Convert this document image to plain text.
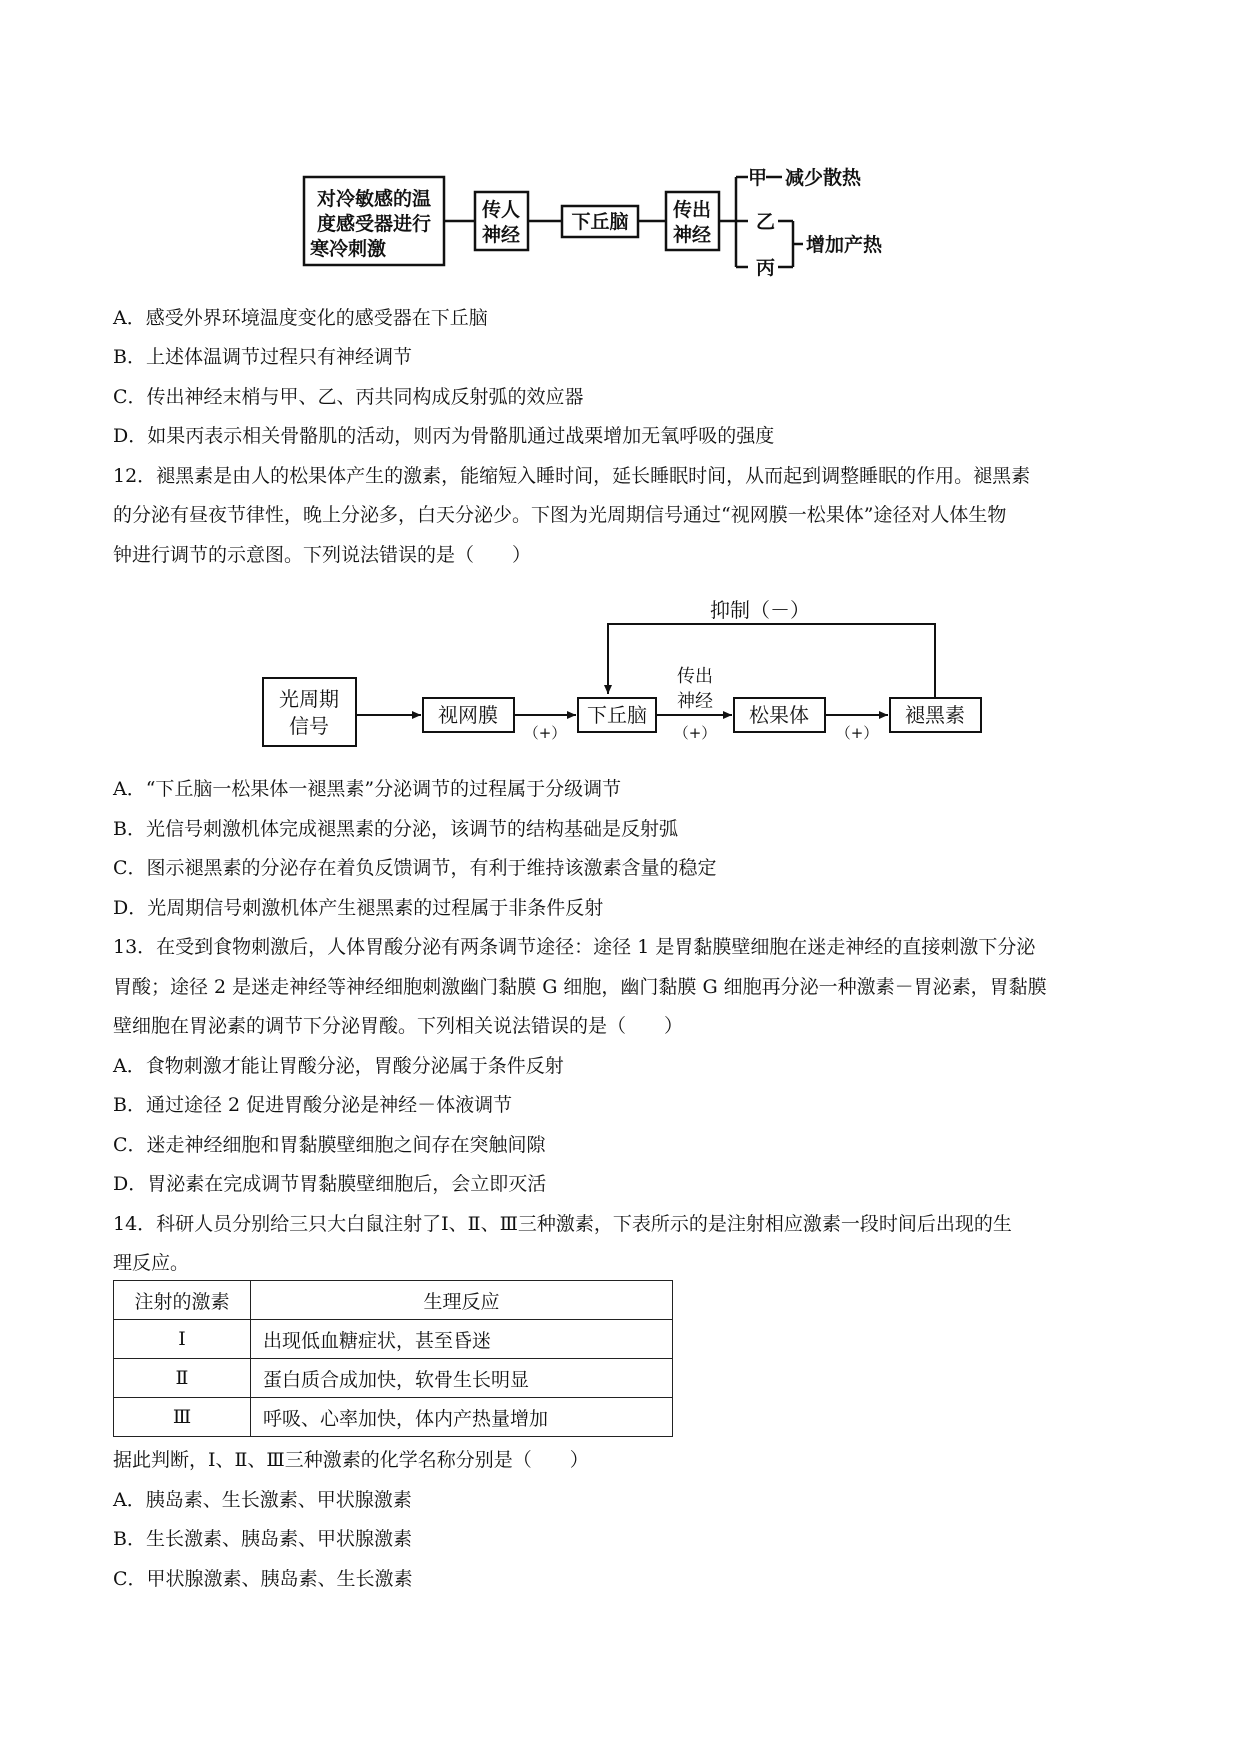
对冷敏感的温
度感受器进行
寒冷刺激
传人
神经
下丘脑
传出
神经
甲 减少散热
乙
丙
增加产热
A．感受外界环境温度变化的感受器在下丘脑
B．上述体温调节过程只有神经调节
C．传出神经末梢与甲、乙、丙共同构成反射弧的效应器
D．如果丙表示相关骨骼肌的活动，则丙为骨骼肌通过战栗增加无氧呼吸的强度
12．褪黑素是由人的松果体产生的激素，能缩短入睡时间，延长睡眠时间，从而起到调整睡眠的作用。褪黑素
的分泌有昼夜节律性，晚上分泌多，白天分泌少。下图为光周期信号通过“视网膜一松果体”途径对人体生物
钟进行调节的示意图。下列说法错误的是（　　）
抑制（－）
光周期
信号	视网膜
（+）
下丘脑
传出
神经
（+）
松果体
（+）
褪黑素
A．“下丘脑一松果体一褪黑素”分泌调节的过程属于分级调节
B．光信号刺激机体完成褪黑素的分泌，该调节的结构基础是反射弧
C．图示褪黑素的分泌存在着负反馈调节，有利于维持该激素含量的稳定
D．光周期信号刺激机体产生褪黑素的过程属于非条件反射
13．在受到食物刺激后，人体胃酸分泌有两条调节途径：途径 1 是胃黏膜壁细胞在迷走神经的直接刺激下分泌
胃酸；途径 2 是迷走神经等神经细胞刺激幽门黏膜 G 细胞，幽门黏膜 G 细胞再分泌一种激素－胃泌素，胃黏膜
壁细胞在胃泌素的调节下分泌胃酸。下列相关说法错误的是（　　）
A．食物刺激才能让胃酸分泌，胃酸分泌属于条件反射
B．通过途径 2 促进胃酸分泌是神经－体液调节
C．迷走神经细胞和胃黏膜壁细胞之间存在突触间隙
D．胃泌素在完成调节胃黏膜壁细胞后，会立即灭活
14．科研人员分别给三只大白鼠注射了Ⅰ、Ⅱ、Ⅲ三种激素，下表所示的是注射相应激素一段时间后出现的生
理反应。
注射的激素	生理反应
Ⅰ	出现低血糖症状，甚至昏迷
Ⅱ	蛋白质合成加快，软骨生长明显
Ⅲ	呼吸、心率加快，体内产热量增加
据此判断，Ⅰ、Ⅱ、Ⅲ三种激素的化学名称分别是（　　）
A．胰岛素、生长激素、甲状腺激素
B．生长激素、胰岛素、甲状腺激素
C．甲状腺激素、胰岛素、生长激素
